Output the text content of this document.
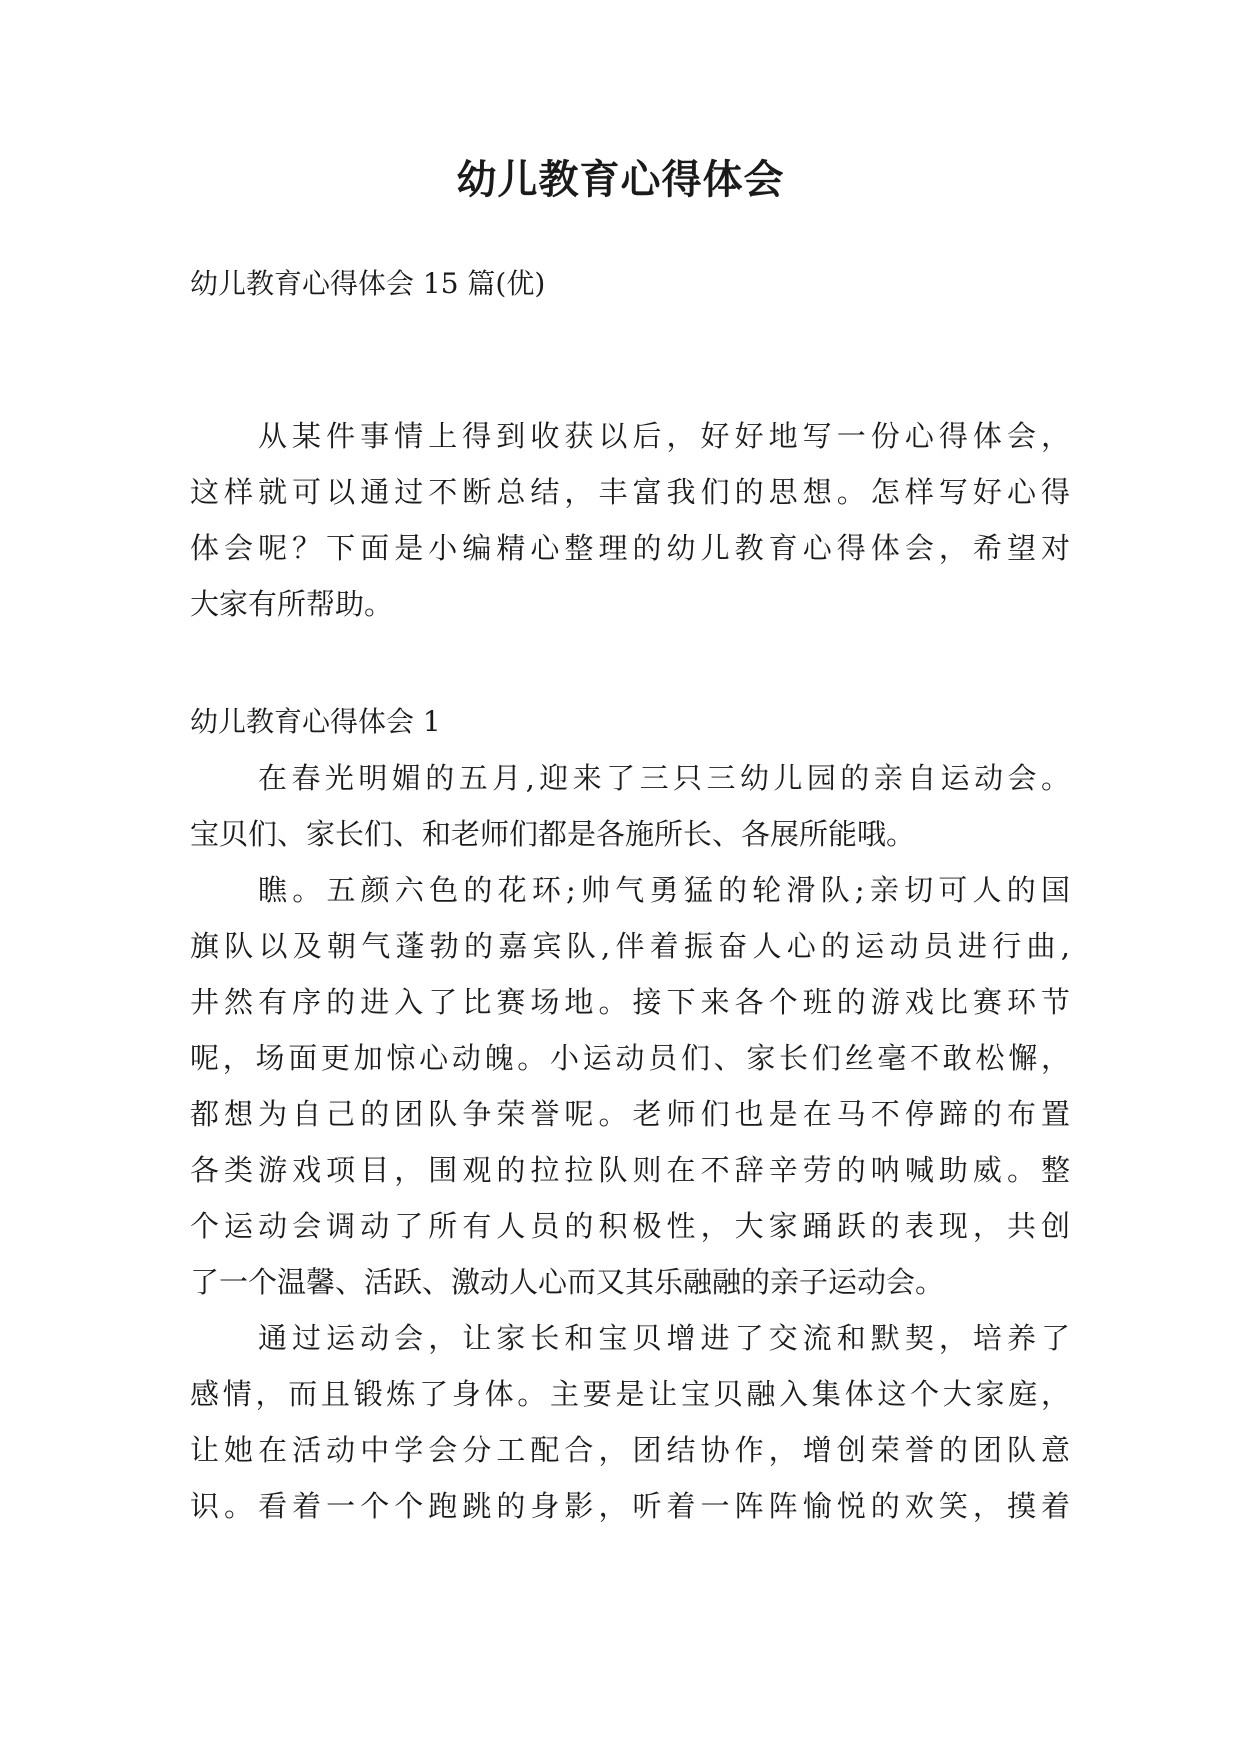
幼儿教育心得体会
幼儿教育心得体会 15 篇(优)
从某件事情上得到收获以后，好好地写一份心得体会，
这样就可以通过不断总结，丰富我们的思想。怎样写好心得
体会呢？下面是小编精心整理的幼儿教育心得体会，希望对
大家有所帮助。
幼儿教育心得体会 1
在春光明媚的五月,迎来了三只三幼儿园的亲自运动会。
宝贝们、家长们、和老师们都是各施所长、各展所能哦。
瞧。五颜六色的花环;帅气勇猛的轮滑队;亲切可人的国
旗队以及朝气蓬勃的嘉宾队,伴着振奋人心的运动员进行曲,
井然有序的进入了比赛场地。接下来各个班的游戏比赛环节
呢，场面更加惊心动魄。小运动员们、家长们丝毫不敢松懈，
都想为自己的团队争荣誉呢。老师们也是在马不停蹄的布置
各类游戏项目，围观的拉拉队则在不辞辛劳的呐喊助威。整
个运动会调动了所有人员的积极性，大家踊跃的表现，共创
了一个温馨、活跃、激动人心而又其乐融融的亲子运动会。
通过运动会，让家长和宝贝增进了交流和默契，培养了
感情，而且锻炼了身体。主要是让宝贝融入集体这个大家庭，
让她在活动中学会分工配合，团结协作，增创荣誉的团队意
识。看着一个个跑跳的身影，听着一阵阵愉悦的欢笑，摸着
